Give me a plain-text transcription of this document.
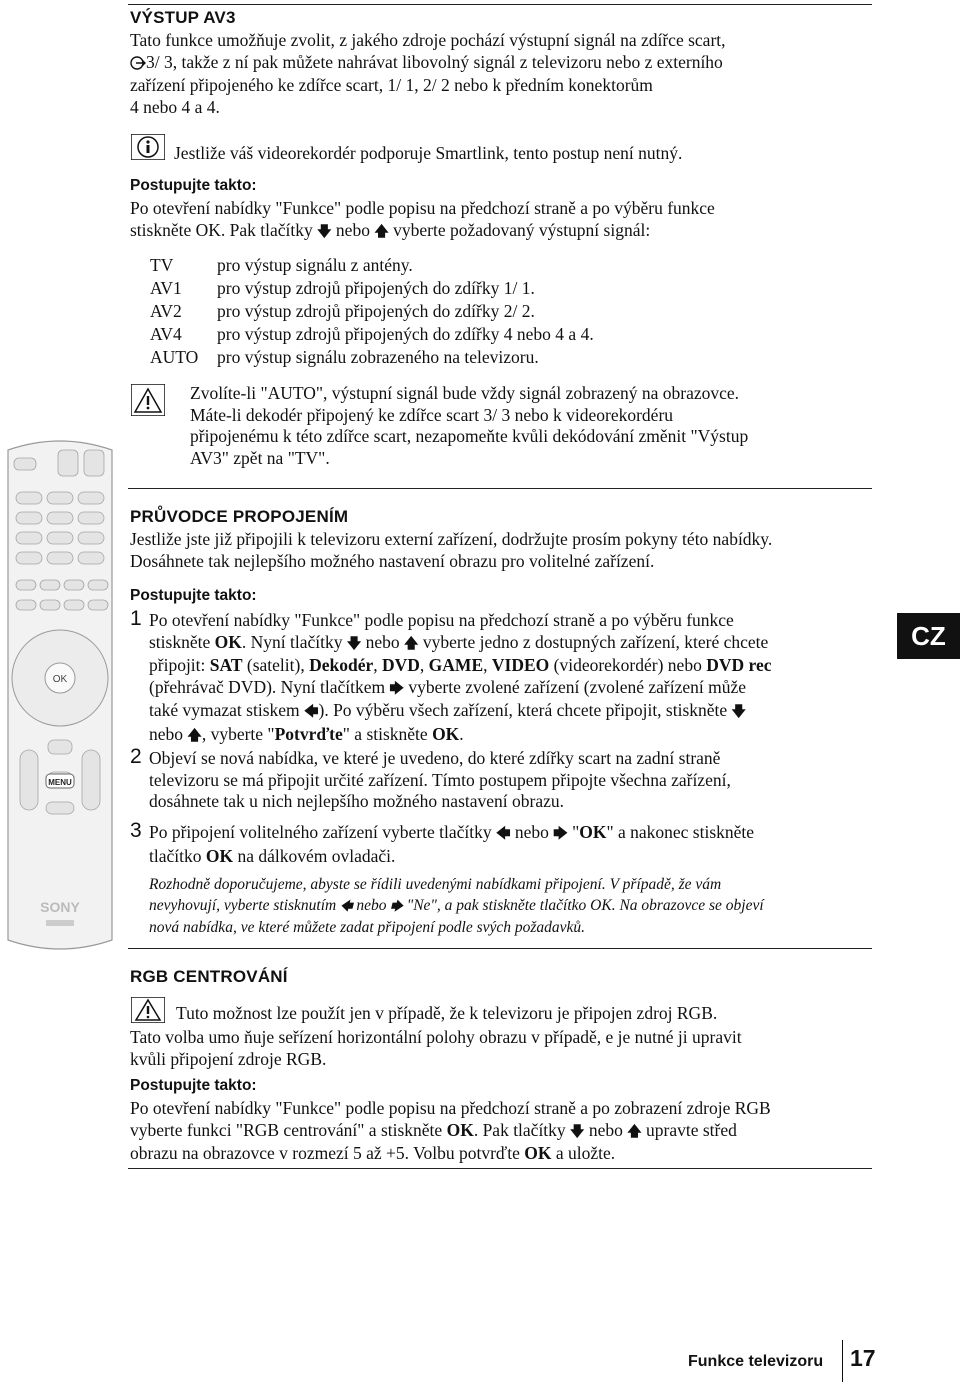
OK
MENU
SONY
VÝSTUP AV3
Tato funkce umožňuje zvolit, z jakého zdroje pochází výstupní signál na zdířce scart,
3/ 3, takže z ní pak můžete nahrávat libovolný signál z televizoru nebo z externího
zařízení připojeného ke zdířce scart, 1/ 1, 2/ 2 nebo k předním konektorům
4 nebo 4 a 4.
Jestliže váš videorekordér podporuje Smartlink, tento postup není nutný.
Postupujte takto:
Po otevření nabídky "Funkce" podle popisu na předchozí straně a po výběru funkce
stiskněte OK. Pak tlačítky 🡇 nebo 🡅 vyberte požadovaný výstupní signál:
TV pro výstup signálu z antény.
AV1 pro výstup zdrojů připojených do zdířky 1/ 1.
AV2 pro výstup zdrojů připojených do zdířky 2/ 2.
AV4 pro výstup zdrojů připojených do zdířky 4 nebo 4 a 4.
AUTO pro výstup signálu zobrazeného na televizoru.
Zvolíte-li "AUTO", výstupní signál bude vždy signál zobrazený na obrazovce.
Máte-li dekodér připojený ke zdířce scart 3/ 3 nebo k videorekordéru
připojenému k této zdířce scart, nezapomeňte kvůli dekódování změnit "Výstup
AV3" zpět na "TV".
PRŮVODCE PROPOJENÍM
Jestliže jste již připojili k televizoru externí zařízení, dodržujte prosím pokyny této nabídky.
Dosáhnete tak nejlepšího možného nastavení obrazu pro volitelné zařízení.
Postupujte takto:
1 Po otevření nabídky "Funkce" podle popisu na předchozí straně a po výběru funkce
stiskněte OK. Nyní tlačítky 🡇 nebo 🡅 vyberte jedno z dostupných zařízení, které chcete
připojit: SAT (satelit), Dekodér, DVD, GAME, VIDEO (videorekordér) nebo DVD rec
(přehrávač DVD). Nyní tlačítkem 🡆 vyberte zvolené zařízení (zvolené zařízení může
také vymazat stiskem 🡄). Po výběru všech zařízení, která chcete připojit, stiskněte 🡇
nebo 🡅, vyberte "Potvrďte" a stiskněte OK.
2 Objeví se nová nabídka, ve které je uvedeno, do které zdířky scart na zadní straně
televizoru se má připojit určité zařízení. Tímto postupem připojte všechna zařízení,
dosáhnete tak u nich nejlepšího možného nastavení obrazu.
3 Po připojení volitelného zařízení vyberte tlačítky 🡄 nebo 🡆 "OK" a nakonec stiskněte
tlačítko OK na dálkovém ovladači.
Rozhodně doporučujeme, abyste se řídili uvedenými nabídkami připojení. V případě, že vám
nevyhovují, vyberte stisknutím 🡄 nebo 🡆 "Ne", a pak stiskněte tlačítko OK. Na obrazovce se objeví
nová nabídka, ve které můžete zadat připojení podle svých požadavků.
CZ
RGB CENTROVÁNÍ
Tuto možnost lze použít jen v případě, že k televizoru je připojen zdroj RGB.
Tato volba umo ňuje seřízení horizontální polohy obrazu v případě, e je nutné ji upravit
kvůli připojení zdroje RGB.
Postupujte takto:
Po otevření nabídky "Funkce" podle popisu na předchozí straně a po zobrazení zdroje RGB
vyberte funkci "RGB centrování" a stiskněte OK. Pak tlačítky 🡇 nebo 🡅 upravte střed
obrazu na obrazovce v rozmezí 5 až +5. Volbu potvrďte OK a uložte.
Funkce televizoru 17
